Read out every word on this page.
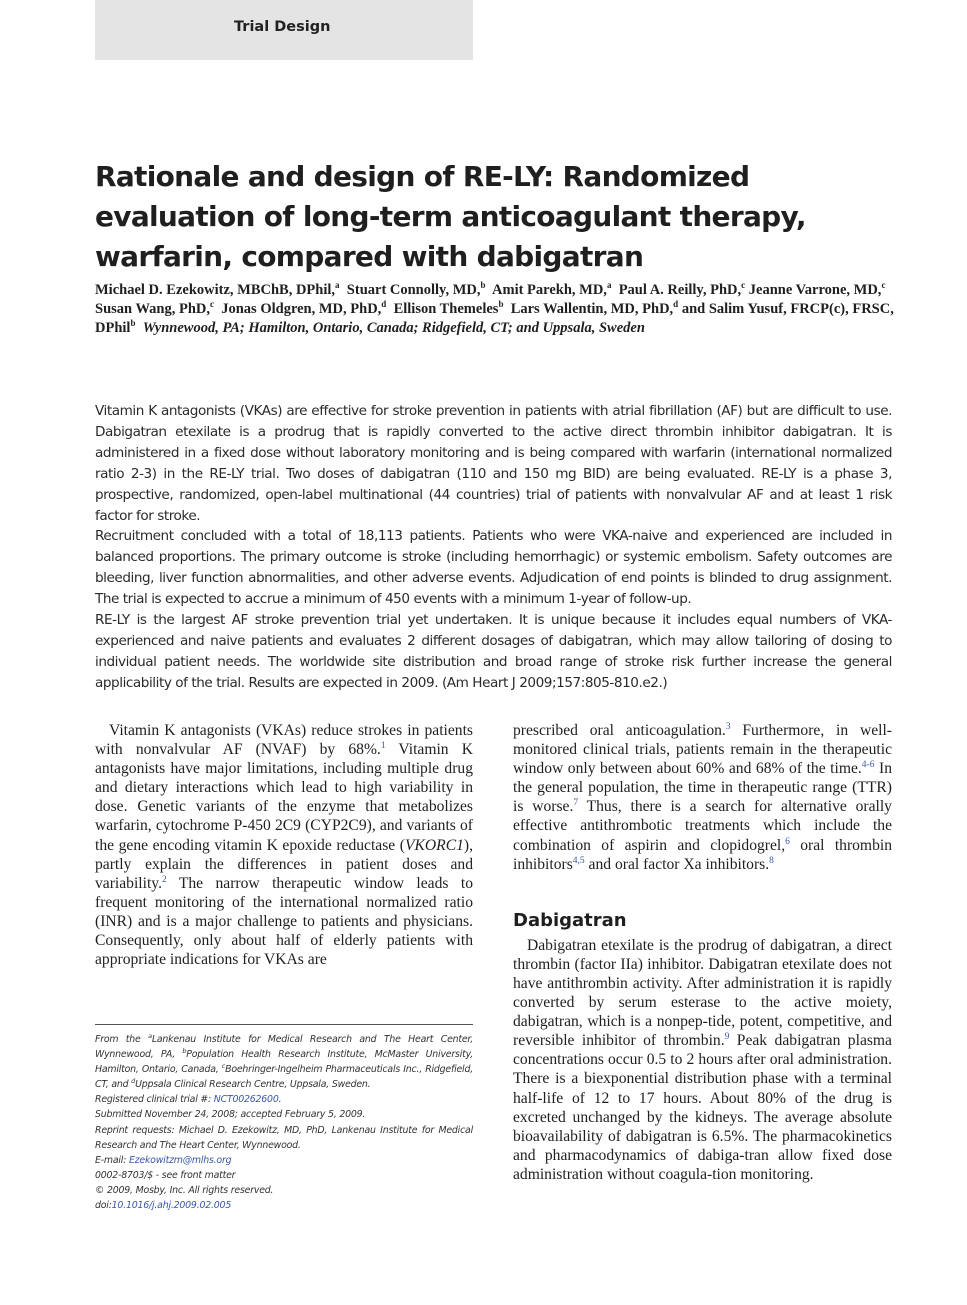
Trial Design
Rationale and design of RE-LY: Randomized evaluation of long-term anticoagulant therapy, warfarin, compared with dabigatran

Michael D. Ezekowitz, MBChB, DPhil,$^a$ Stuart Connolly, MD,$^b$ Amit Parekh, MD,$^a$ Paul A. Reilly, PhD,$^c$ Jeanne Varrone, MD,$^c$  Susan Wang, PhD,$^c$ Jonas Oldgren, MD, PhD,$^d$ Ellison Themeles$^b$ Lars Wallentin, MD, PhD,$^d$ and Salim Yusuf, FRCP(c), FRSC, DPhil$^b$ Wynnewood, PA; Hamilton, Ontario, Canada; Ridgefield, CT; and Uppsala, Sweden

Vitamin K antagonists (VKAs) are effective for stroke prevention in patients with atrial fibrillation (AF) but are difficult to use. Dabigatran etexilate is a prodrug that is rapidly converted to the active direct thrombin inhibitor dabigatran. It is administered in a fixed dose without laboratory monitoring and is being compared with warfarin (international normalized ratio 2-3) in the RE-LY trial. Two doses of dabigatran (110 and 150 mg BID) are being evaluated. RE-LY is a phase 3, prospective, randomized, open-label multinational (44 countries) trial of patients with nonvalvular AF and at least 1 risk factor for stroke.

Recruitment concluded with a total of 18,113 patients. Patients who were VKA-naive and experienced are included in balanced proportions. The primary outcome is stroke (including hemorrhagic) or systemic embolism. Safety outcomes are bleeding, liver function abnormalities, and other adverse events. Adjudication of end points is blinded to drug assignment. The trial is expected to accrue a minimum of 450 events with a minimum 1-year of follow-up.

RE-LY is the largest AF stroke prevention trial yet undertaken. It is unique because it includes equal numbers of VKA-experienced and naive patients and evaluates 2 different dosages of dabigatran, which may allow tailoring of dosing to individual patient needs. The worldwide site distribution and broad range of stroke risk further increase the general applicability of the trial. Results are expected in 2009. (Am Heart J 2009;157:805-810.e2.)

Vitamin K antagonists (VKAs) reduce strokes in patients with nonvalvular AF (NVAF) by 68%.$^1$ Vitamin K antagonists have major limitations, including multiple drug and dietary interactions which lead to high variability in dose. Genetic variants of the enzyme that metabolizes warfarin, cytochrome P-450 2C9 (CYP2C9), and variants of the gene encoding vitamin K epoxide reductase (VKORC1), partly explain the differences in patient doses and variability.$^2$ The narrow therapeutic window leads to frequent monitoring of the international normalized ratio (INR) and is a major challenge to patients and physicians. Consequently, only about half of elderly patients with appropriate indications for VKAs are

prescribed oral anticoagulation.$^3$ Furthermore, in well-monitored clinical trials, patients remain in the therapeutic window only between about 60% and 68% of the time.$^{4-6}$ In the general population, the time in therapeutic range (TTR) is worse.$^7$ Thus, there is a search for alternative orally effective antithrombotic treatments which include the combination of aspirin and clopidogrel,$^6$ oral thrombin inhibitors$^{4,5}$ and oral factor Xa inhibitors.$^8$

Dabigatran

Dabigatran etexilate is the prodrug of dabigatran, a direct thrombin (factor IIa) inhibitor. Dabigatran etexilate does not have antithrombin activity. After administration it is rapidly converted by serum esterase to the active moiety, dabigatran, which is a nonpep-tide, potent, competitive, and reversible inhibitor of thrombin.$^9$ Peak dabigatran plasma concentrations occur 0.5 to 2 hours after oral administration. There is a biexponential distribution phase with a terminal half-life of 12 to 17 hours. About 80% of the drug is excreted unchanged by the kidneys. The average absolute bioavailability of dabigatran is 6.5%. The pharmacokinetics and pharmacodynamics of dabiga-tran allow fixed dose administration without coagula-tion monitoring.

From the $^a$Lankenau Institute for Medical Research and The Heart Center, Wynnewood, PA, $^b$Population Health Research Institute, McMaster University, Hamilton, Ontario, Canada, $^c$Boehringer-Ingelheim Pharmaceuticals Inc., Ridgefield, CT, and $^d$Uppsala Clinical Research Centre, Uppsala, Sweden.

Registered clinical trial #: NCT00262600.

Submitted November 24, 2008; accepted February 5, 2009.

Reprint requests: Michael D. Ezekowitz, MD, PhD, Lankenau Institute for Medical Research and The Heart Center, Wynnewood.

E-mail: Ezekowitzm@mlhs.org

0002-8703/$ - see front matter

© 2009, Mosby, Inc. All rights reserved.

doi:10.1016/j.ahj.2009.02.005
